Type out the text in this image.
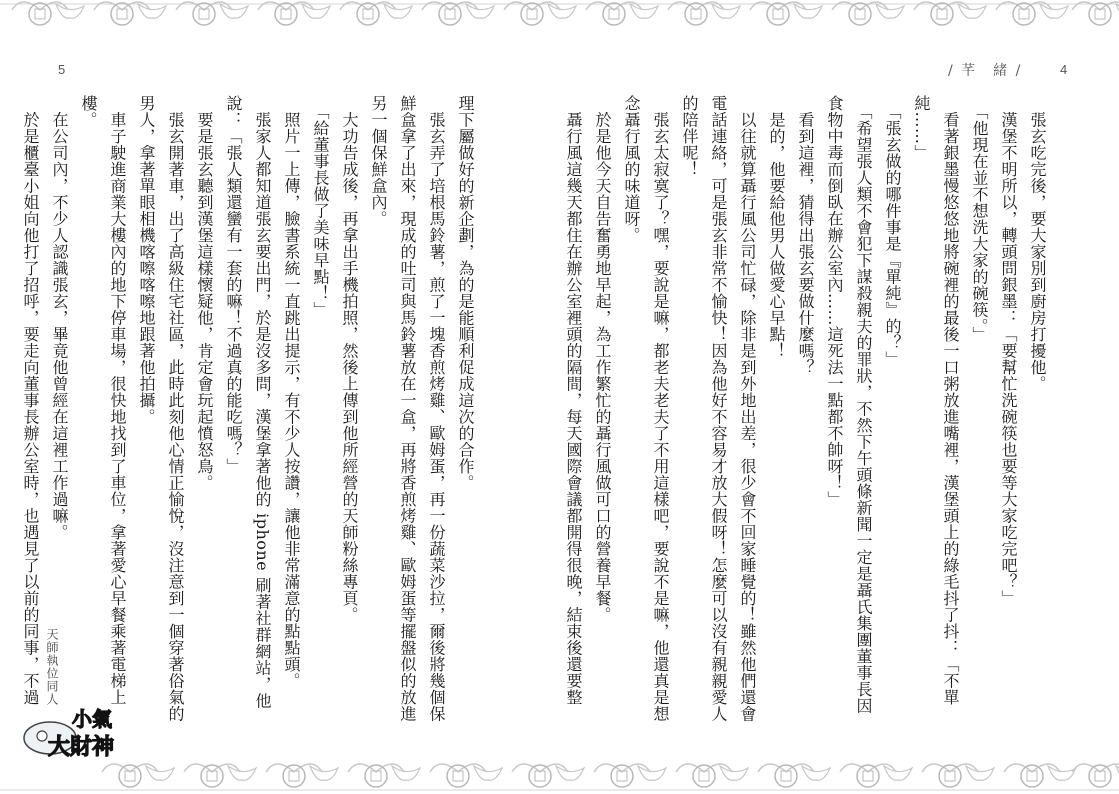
5	/ 芊　緒 /	4

　張玄吃完後，要大家別到廚房打擾他。

　漢堡不明所以，轉頭問銀墨：「要幫忙洗碗筷也要等大家吃完吧？」

　「他現在並不想洗大家的碗筷。」

　看著銀墨慢悠悠地將碗裡的最後一口粥放進嘴裡，漢堡頭上的綠毛抖了抖：「不單純……」

　「張玄做的哪件事是『單純』的？」

　「希望張人類不會犯下謀殺親夫的罪狀，不然下午頭條新聞一定是聶氏集團董事長因食物中毒而倒臥在辦公室內……這死法一點都不帥呀！」

　看到這裡，猜得出張玄要做什麼嗎？

　是的，他要給他男人做愛心早點！

　以往就算聶行風公司忙碌，除非是到外地出差，很少會不回家睡覺的！雖然他們還會電話連絡，可是張玄非常不愉快！因為他好不容易才放大假呀！怎麼可以沒有親親愛人的陪伴呢！

　張玄太寂寞了？嘿，要說是嘛，都老夫老夫了不用這樣吧，要說不是嘛，他還真是想念聶行風的味道呀。

　於是他今天自告奮勇地早起，為工作繁忙的聶行風做可口的營養早餐。

　聶行風這幾天都住在辦公室裡頭的隔間，每天國際會議都開得很晚，結束後還要整

理下屬做好的新企劃，為的是能順利促成這次的合作。

　張玄弄了培根馬鈴薯，煎了一塊香煎烤雞、歐姆蛋，再一份蔬菜沙拉，爾後將幾個保鮮盒拿了出來，現成的吐司與馬鈴薯放在一盒，再將香煎烤雞、歐姆蛋等擺盤似的放進另一個保鮮盒內。

　大功告成後，再拿出手機拍照，然後上傳到他所經營的天師粉絲專頁。

　「給董事長做了美味早點！」

　照片一上傳，臉書系統一直跳出提示，有不少人按讚，讓他非常滿意的點點頭。

　張家人都知道張玄要出門，於是沒多問，漢堡拿著他的 iphone 刷著社群網站，他說：「張人類還蠻有一套的嘛！不過真的能吃嗎？」

　要是張玄聽到漢堡這樣懷疑他，肯定會玩起憤怒鳥。

　張玄開著車，出了高級住宅社區，此時此刻他心情正愉悅，沒注意到一個穿著俗氣的男人，拿著單眼相機喀嚓喀嚓地跟著他拍攝。

　車子駛進商業大樓內的地下停車場，很快地找到了車位，拿著愛心早餐乘著電梯上樓。

　在公司內，不少人認識張玄，畢竟他曾經在這裡工作過嘛。

　於是櫃臺小姐向他打了招呼，要走向董事長辦公室時，也遇見了以前的同事，不過 天師執位同人
小氣
大財神
